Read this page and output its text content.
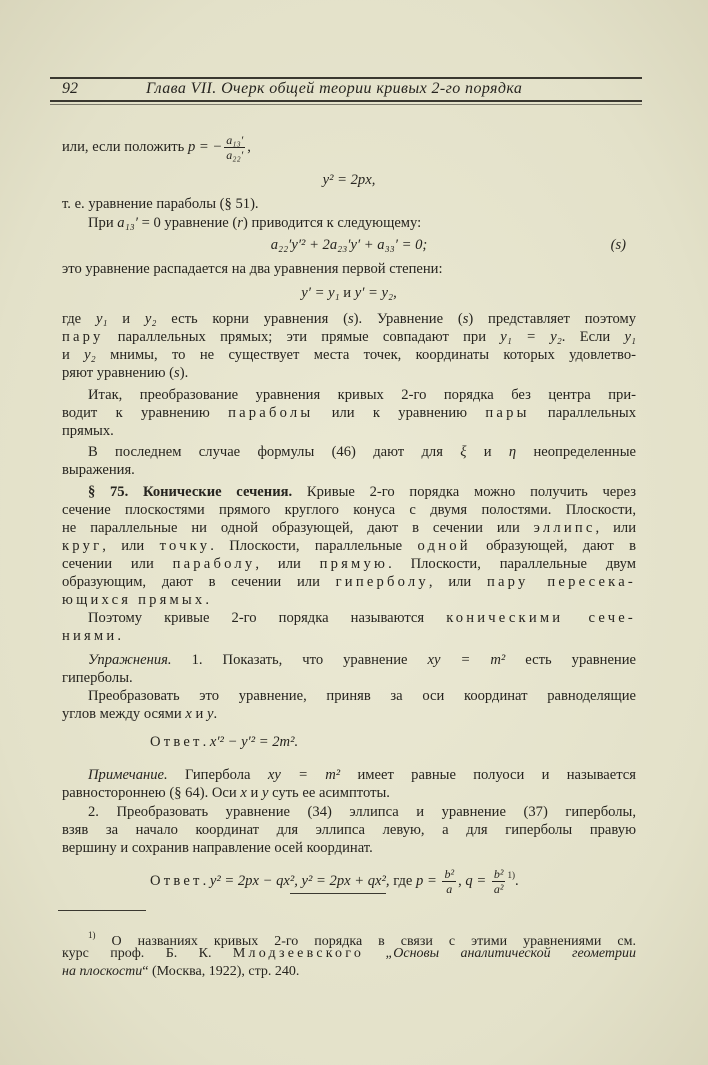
92	Глава VII. Очерк общей теории кривых 2-го порядка
или, если положить p = − $\frac{\text{a₁₃′}}{\text{a₂₂′}}$ ,
y² = 2px,
т. е. уравнение параболы (§ 51).
При a₁₃′ = 0 уравнение (r) приводится к следующему:
a₂₂′y′² + 2a₂₃′y′ + a₃₃′ = 0;	(s)
это уравнение распадается на два уравнения первой степени:
y′ = y₁ и y′ = y₂,
где y₁ и y₂ есть корни уравнения (s). Уравнение (s) представляет поэтому
пару параллельных прямых; эти прямые совпадают при y₁ = y₂. Если y₁
и y₂ мнимы, то не существует места точек, координаты которых удовлетво-
ряют уравнению (s).
Итак, преобразование уравнения кривых 2-го порядка без центра при-
водит к уравнению параболы или к уравнению пары параллельных
прямых.
В последнем случае формулы (46) дают для ξ и η неопределенные
выражения.
§ 75. Конические сечения. Кривые 2-го порядка можно получить через
сечение плоскостями прямого круглого конуса с двумя полостями. Плоскости,
не параллельные ни одной образующей, дают в сечении или эллипс, или
круг, или точку. Плоскости, параллельные одной образующей, дают в
сечении или параболу, или прямую. Плоскости, параллельные двум
образующим, дают в сечении или гиперболу, или пару пересека-
ющихся прямых.
Поэтому кривые 2-го порядка называются коническими сече-
ниями.
Упражнения. 1. Показать, что уравнение xy = m² есть уравнение
гиперболы.
Преобразовать это уравнение, приняв за оси координат равноделящие
углов между осями x и y.
Ответ. x′² − y′² = 2m².
Примечание. Гипербола xy = m² имеет равные полуоси и называется
равностороннею (§ 64). Оси x и y суть ее асимптоты.
2. Преобразовать уравнение (34) эллипса и уравнение (37) гиперболы,
взяв за начало координат для эллипса левую, а для гиперболы правую
вершину и сохранив направление осей координат.
Ответ. y² = 2px − qx², y² = 2px + qx², где $p = \frac{\text{b²}}{a}$ , $q = \frac{\text{b²}}{\text{a²}} ^{1)}$.
$^{1)}$ О названиях кривых 2-го порядка в связи с этими уравнениями см.
курс проф. Б. К. Млодзеевского „Основы аналитической геометрии
на плоскости“ (Москва, 1922), стр. 240.
